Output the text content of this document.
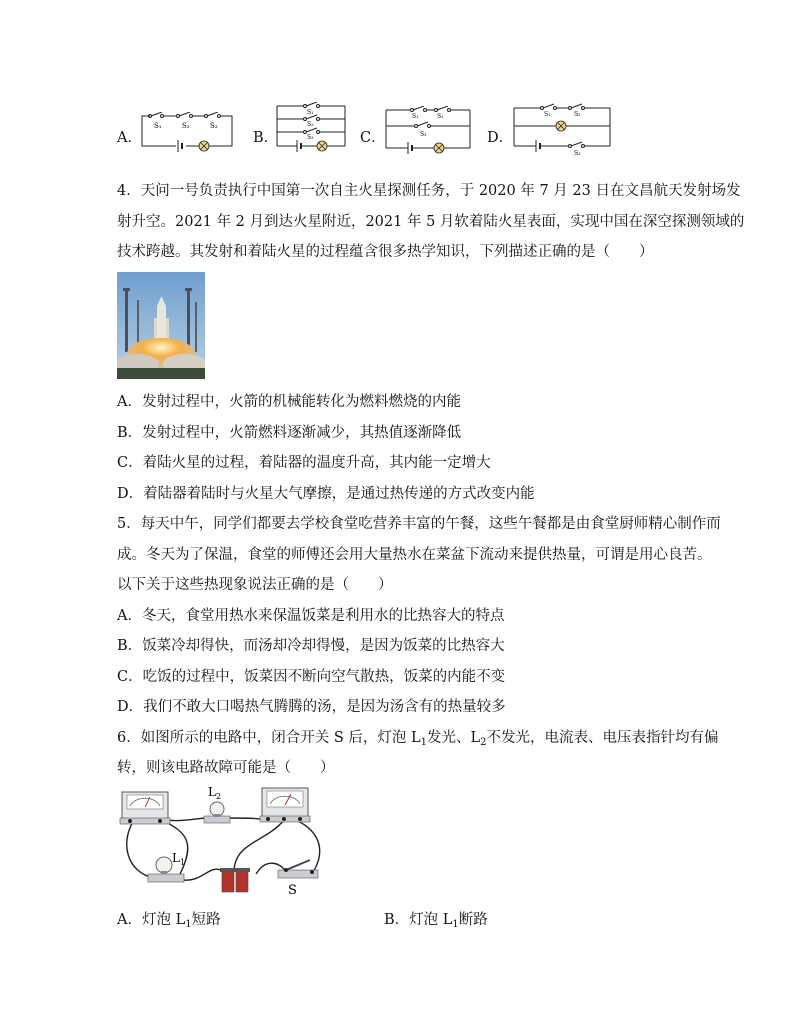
A．
S₁	S₂	S₃
B．
S₁
S₂
S₃	C．
S₁	S₂
S₃	D．
S₁	S₂
S₃
4．天问一号负责执行中国第一次自主火星探测任务，于 2020 年 7 月 23 日在文昌航天发射场发
射升空。2021 年 2 月到达火星附近，2021 年 5 月软着陆火星表面，实现中国在深空探测领域的
技术跨越。其发射和着陆火星的过程蕴含很多热学知识，下列描述正确的是（　　）
A．发射过程中，火箭的机械能转化为燃料燃烧的内能
B．发射过程中，火箭燃料逐渐减少，其热值逐渐降低
C．着陆火星的过程，着陆器的温度升高，其内能一定增大
D．着陆器着陆时与火星大气摩擦，是通过热传递的方式改变内能
5．每天中午，同学们都要去学校食堂吃营养丰富的午餐，这些午餐都是由食堂厨师精心制作而
成。冬天为了保温，食堂的师傅还会用大量热水在菜盆下流动来提供热量，可谓是用心良苦。
以下关于这些热现象说法正确的是（　　）
A．冬天，食堂用热水来保温饭菜是利用水的比热容大的特点
B．饭菜冷却得快，而汤却冷却得慢，是因为饭菜的比热容大
C．吃饭的过程中，饭菜因不断向空气散热，饭菜的内能不变
D．我们不敢大口喝热气腾腾的汤，是因为汤含有的热量较多
6．如图所示的电路中，闭合开关 S 后，灯泡 $L_1$发光、$L_2$不发光，电流表、电压表指针均有偏
转，则该电路故障可能是（　　）
$L_2$
$L_1$
S
A．灯泡 $L_1$短路	B．灯泡 $L_1$断路
